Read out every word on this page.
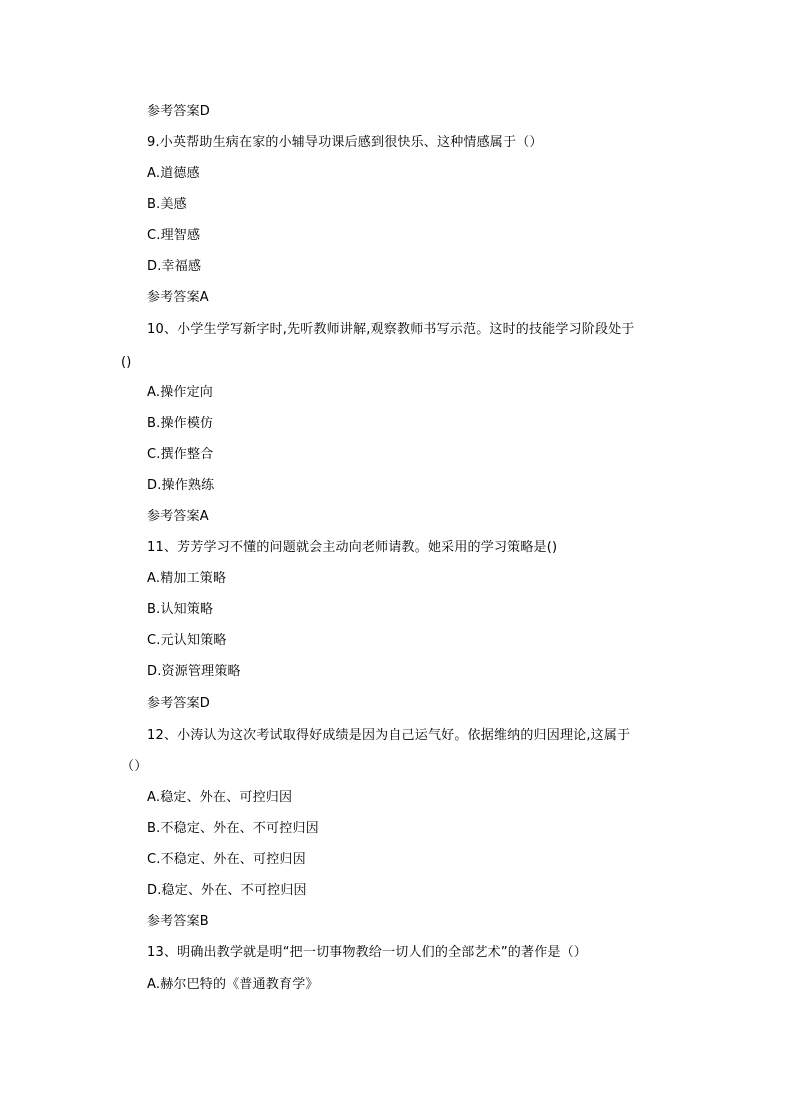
参考答案D
9.小英帮助生病在家的小辅导功课后感到很快乐、这种情感属于（）
A.道德感
B.美感
C.理智感
D.幸福感
参考答案A
10、小学生学写新字时,先听教师讲解,观察教师书写示范。这时的技能学习阶段处于
()
A.操作定向
B.操作模仿
C.撰作整合
D.操作熟练
参考答案A
11、芳芳学习不懂的问题就会主动向老师请教。她采用的学习策略是()
A.精加工策略
B.认知策略
C.元认知策略
D.资源管理策略
参考答案D
12、小涛认为这次考试取得好成绩是因为自己运气好。依据维纳的归因理论,这属于
（）
A.稳定、外在、可控归因
B.不稳定、外在、不可控归因
C.不稳定、外在、可控归因
D.稳定、外在、不可控归因
参考答案B
13、明确出教学就是明“把一切事物教给一切人们的全部艺术”的著作是（）
A.赫尔巴特的《普通教育学》
